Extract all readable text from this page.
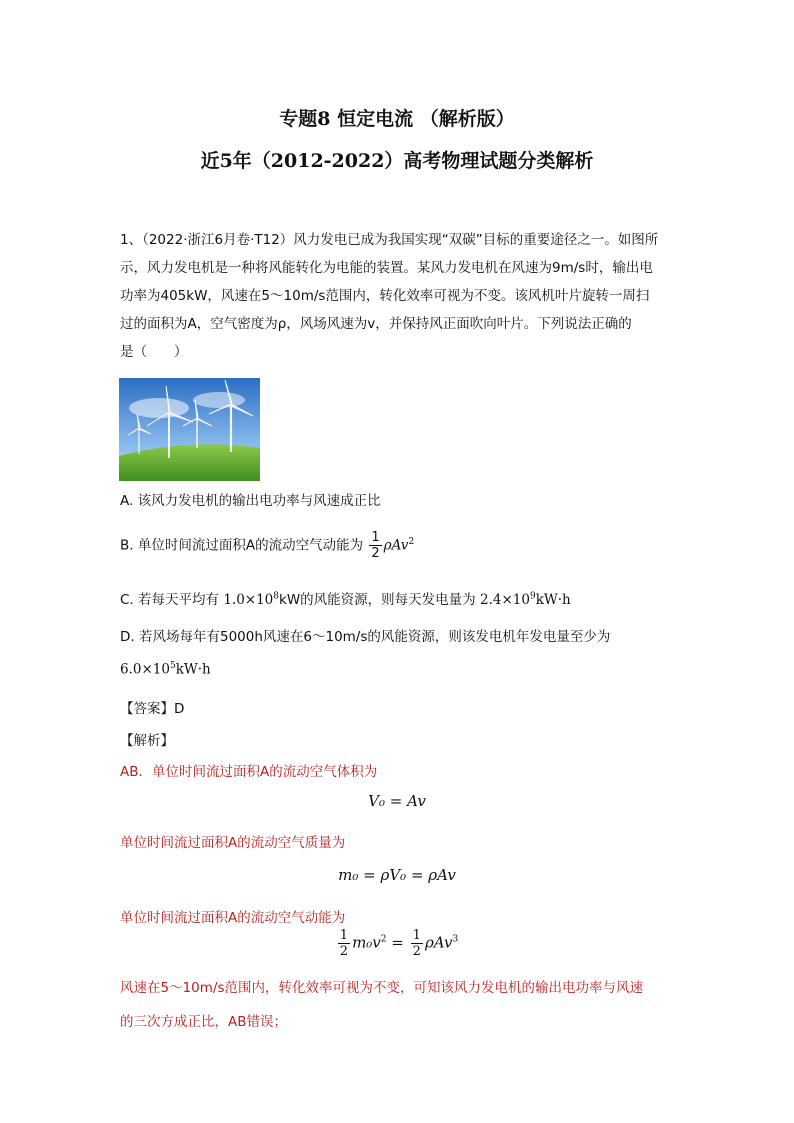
专题8 恒定电流 （解析版）
近5年（2012-2022）高考物理试题分类解析

1、（2022·浙江6月卷·T12）风力发电已成为我国实现“双碳”目标的重要途径之一。如图所

示，风力发电机是一种将风能转化为电能的装置。某风力发电机在风速为9m/s时，输出电

功率为405kW，风速在5～10m/s范围内，转化效率可视为不变。该风机叶片旋转一周扫

过的面积为A，空气密度为ρ，风场风速为v，并保持风正面吹向叶片。下列说法正确的

是（　　）

A. 该风力发电机的输出电功率与风速成正比
B. 单位时间流过面积A的流动空气动能为 $\frac{1}{2} \rho Av^2$
C. 若每天平均有 $1.0\times 10^8kW$的风能资源，则每天发电量为 $2.4\times 10^9kW\cdot h$
D. 若风场每年有5000h风速在6～10m/s的风能资源，则该发电机年发电量至少为
$6.0\times 10^5kW\cdot h$
【答案】D
【解析】
AB．单位时间流过面积A的流动空气体积为
V₀ = Av
单位时间流过面积A的流动空气质量为
m₀ = ρV₀ = ρAv
单位时间流过面积A的流动空气动能为
$\frac{1}{2} m_0v^2 = \frac{1}{2} \rho Av^3$
风速在5～10m/s范围内，转化效率可视为不变，可知该风力发电机的输出电功率与风速
的三次方成正比，AB错误；
